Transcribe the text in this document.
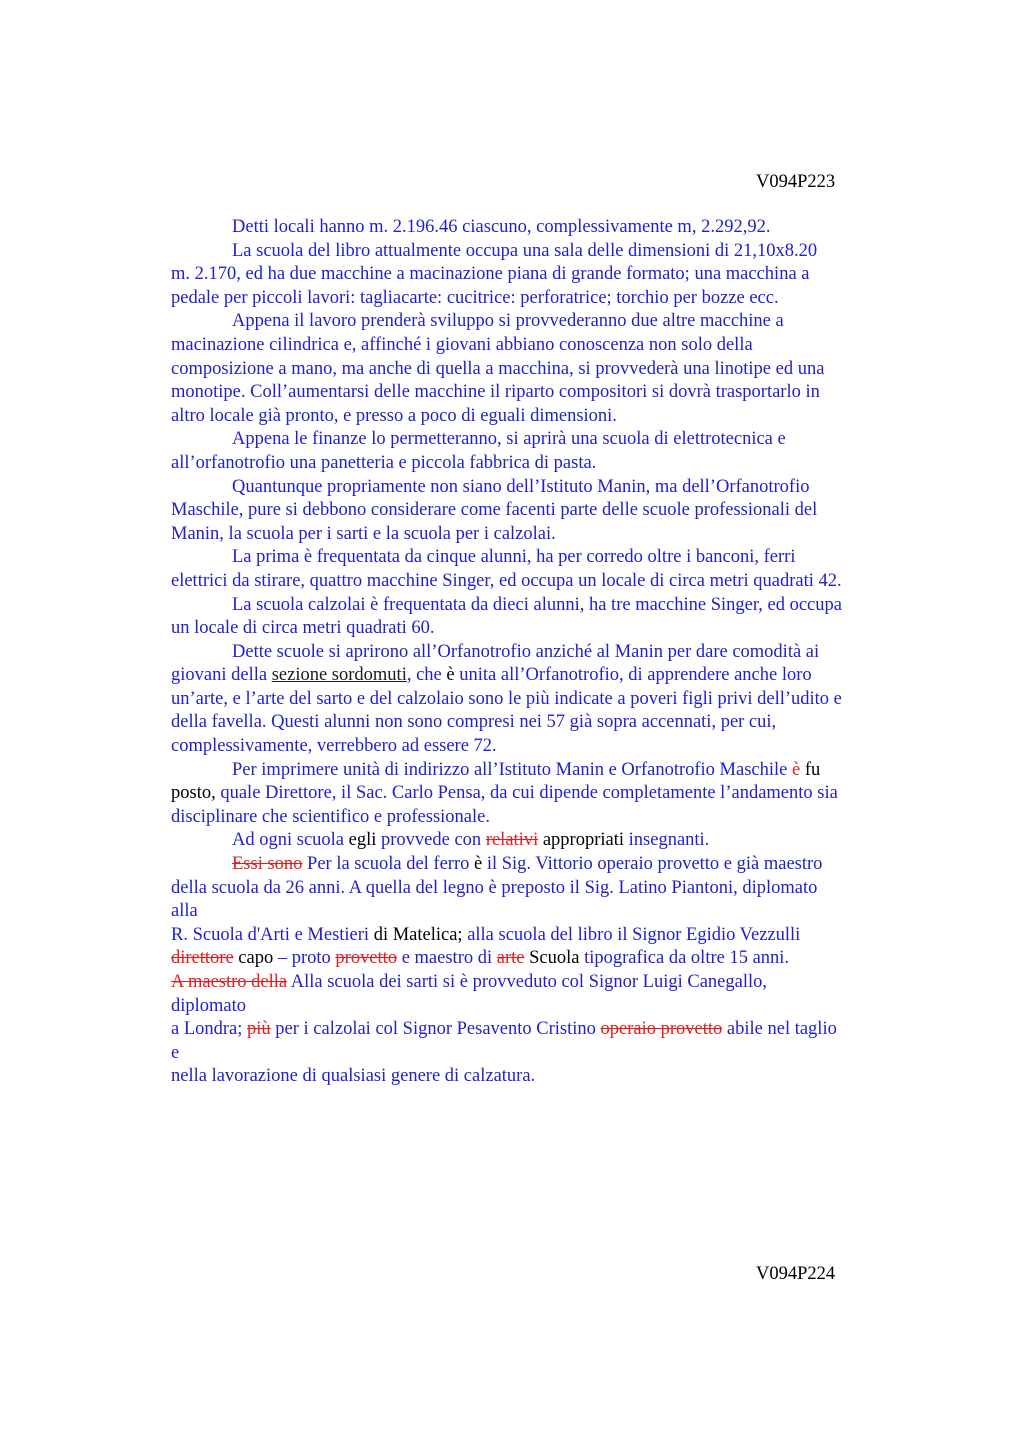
V094P223
Detti locali hanno m. 2.196.46 ciascuno, complessivamente m, 2.292,92.
La scuola del libro attualmente occupa una sala delle dimensioni di 21,10x8.20
m. 2.170, ed ha due macchine a macinazione piana di grande formato; una macchina a
pedale per piccoli lavori: tagliacarte: cucitrice: perforatrice; torchio per bozze ecc.
Appena il lavoro prenderà sviluppo si provvederanno due altre macchine a
macinazione cilindrica e, affinché i giovani abbiano conoscenza non solo della
composizione a mano, ma anche di quella a macchina, si provvederà una linotipe ed una
monotipe. Coll’aumentarsi delle macchine il riparto compositori si dovrà trasportarlo in
altro locale già pronto, e presso a poco di eguali dimensioni.
Appena le finanze lo permetteranno, si aprirà una scuola di elettrotecnica e
all’orfanotrofio una panetteria e piccola fabbrica di pasta.
Quantunque propriamente non siano dell’Istituto Manin, ma dell’Orfanotrofio
Maschile, pure si debbono considerare come facenti parte delle scuole professionali del
Manin, la scuola per i sarti e la scuola per i calzolai.
La prima è frequentata da cinque alunni, ha per corredo oltre i banconi, ferri
elettrici da stirare, quattro macchine Singer, ed occupa un locale di circa metri quadrati 42.
La scuola calzolai è frequentata da dieci alunni, ha tre macchine Singer, ed occupa
un locale di circa metri quadrati 60.
Dette scuole si aprirono all’Orfanotrofio anziché al Manin per dare comodità ai
giovani della sezione sordomuti, che è unita all’Orfanotrofio, di apprendere anche loro
un’arte, e l’arte del sarto e del calzolaio sono le più indicate a poveri figli privi dell’udito e
della favella. Questi alunni non sono compresi nei 57 già sopra accennati, per cui,
complessivamente, verrebbero ad essere 72.
Per imprimere unità di indirizzo all’Istituto Manin e Orfanotrofio Maschile è fu
posto, quale Direttore, il Sac. Carlo Pensa, da cui dipende completamente l’andamento sia
disciplinare che scientifico e professionale.
Ad ogni scuola egli provvede con relativi appropriati insegnanti.
Essi sono Per la scuola del ferro è il Sig. Vittorio operaio provetto e già maestro
della scuola da 26 anni. A quella del legno è preposto il Sig. Latino Piantoni, diplomato
alla
R. Scuola d'Arti e Mestieri di Matelica; alla scuola del libro il Signor Egidio Vezzulli
direttore capo – proto provetto e maestro di arte Scuola tipografica da oltre 15 anni.
A maestro della Alla scuola dei sarti si è provveduto col Signor Luigi Canegallo,
diplomato
a Londra; più per i calzolai col Signor Pesavento Cristino operaio provetto abile nel taglio
e
nella lavorazione di qualsiasi genere di calzatura.
V094P224
